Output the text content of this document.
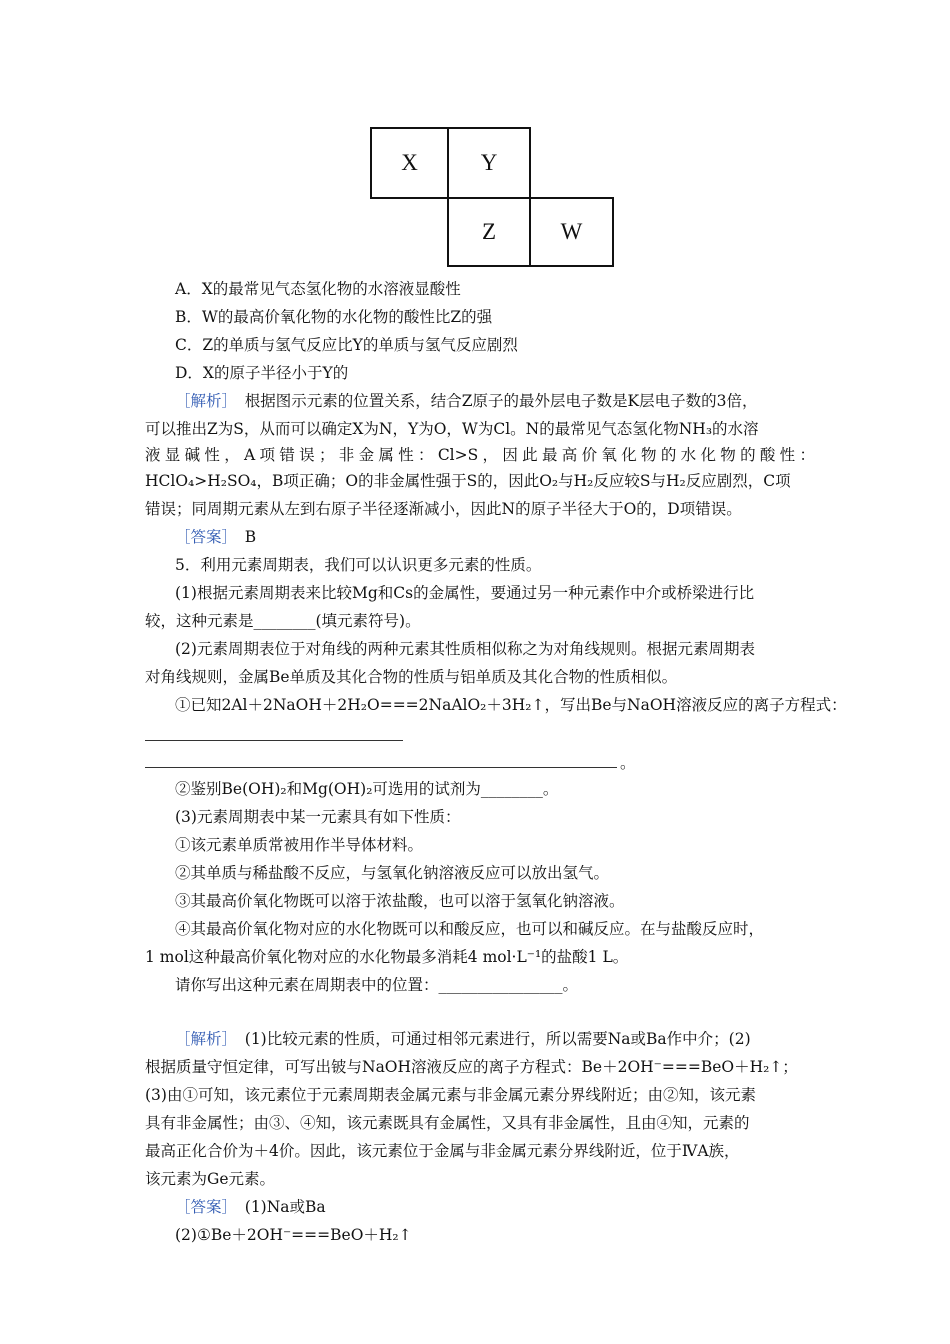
X	Y
Z	W
A．X的最常见气态氢化物的水溶液显酸性
B．W的最高价氧化物的水化物的酸性比Z的强
C．Z的单质与氢气反应比Y的单质与氢气反应剧烈
D．X的原子半径小于Y的
［解析］　根据图示元素的位置关系，结合Z原子的最外层电子数是K层电子数的3倍，
可以推出Z为S，从而可以确定X为N，Y为O，W为Cl。N的最常见气态氢化物NH₃的水溶
液显碱性，A项错误；非金属性：Cl>S，因此最高价氧化物的水化物的酸性：
HClO₄>H₂SO₄，B项正确；O的非金属性强于S的，因此O₂与H₂反应较S与H₂反应剧烈，C项
错误；同周期元素从左到右原子半径逐渐减小，因此N的原子半径大于O的，D项错误。
［答案］　B
5．利用元素周期表，我们可以认识更多元素的性质。
(1)根据元素周期表来比较Mg和Cs的金属性，要通过另一种元素作中介或桥梁进行比
较，这种元素是________(填元素符号)。
(2)元素周期表位于对角线的两种元素其性质相似称之为对角线规则。根据元素周期表
对角线规则，金属Be单质及其化合物的性质与铝单质及其化合物的性质相似。
①已知2Al＋2NaOH＋2H₂O===2NaAlO₂＋3H₂↑，写出Be与NaOH溶液反应的离子方程式：
。
②鉴别Be(OH)₂和Mg(OH)₂可选用的试剂为________。
(3)元素周期表中某一元素具有如下性质：
①该元素单质常被用作半导体材料。
②其单质与稀盐酸不反应，与氢氧化钠溶液反应可以放出氢气。
③其最高价氧化物既可以溶于浓盐酸，也可以溶于氢氧化钠溶液。
④其最高价氧化物对应的水化物既可以和酸反应，也可以和碱反应。在与盐酸反应时，
1 mol这种最高价氧化物对应的水化物最多消耗4 mol·L⁻¹的盐酸1 L。
请你写出这种元素在周期表中的位置：________________。
［解析］　(1)比较元素的性质，可通过相邻元素进行，所以需要Na或Ba作中介；(2)
根据质量守恒定律，可写出铍与NaOH溶液反应的离子方程式：Be＋2OH⁻===BeO＋H₂↑；
(3)由①可知，该元素位于元素周期表金属元素与非金属元素分界线附近；由②知，该元素
具有非金属性；由③、④知，该元素既具有金属性，又具有非金属性，且由④知，元素的
最高正化合价为＋4价。因此，该元素位于金属与非金属元素分界线附近，位于ⅣA族，
该元素为Ge元素。
［答案］　(1)Na或Ba
(2)①Be＋2OH⁻===BeO＋H₂↑
